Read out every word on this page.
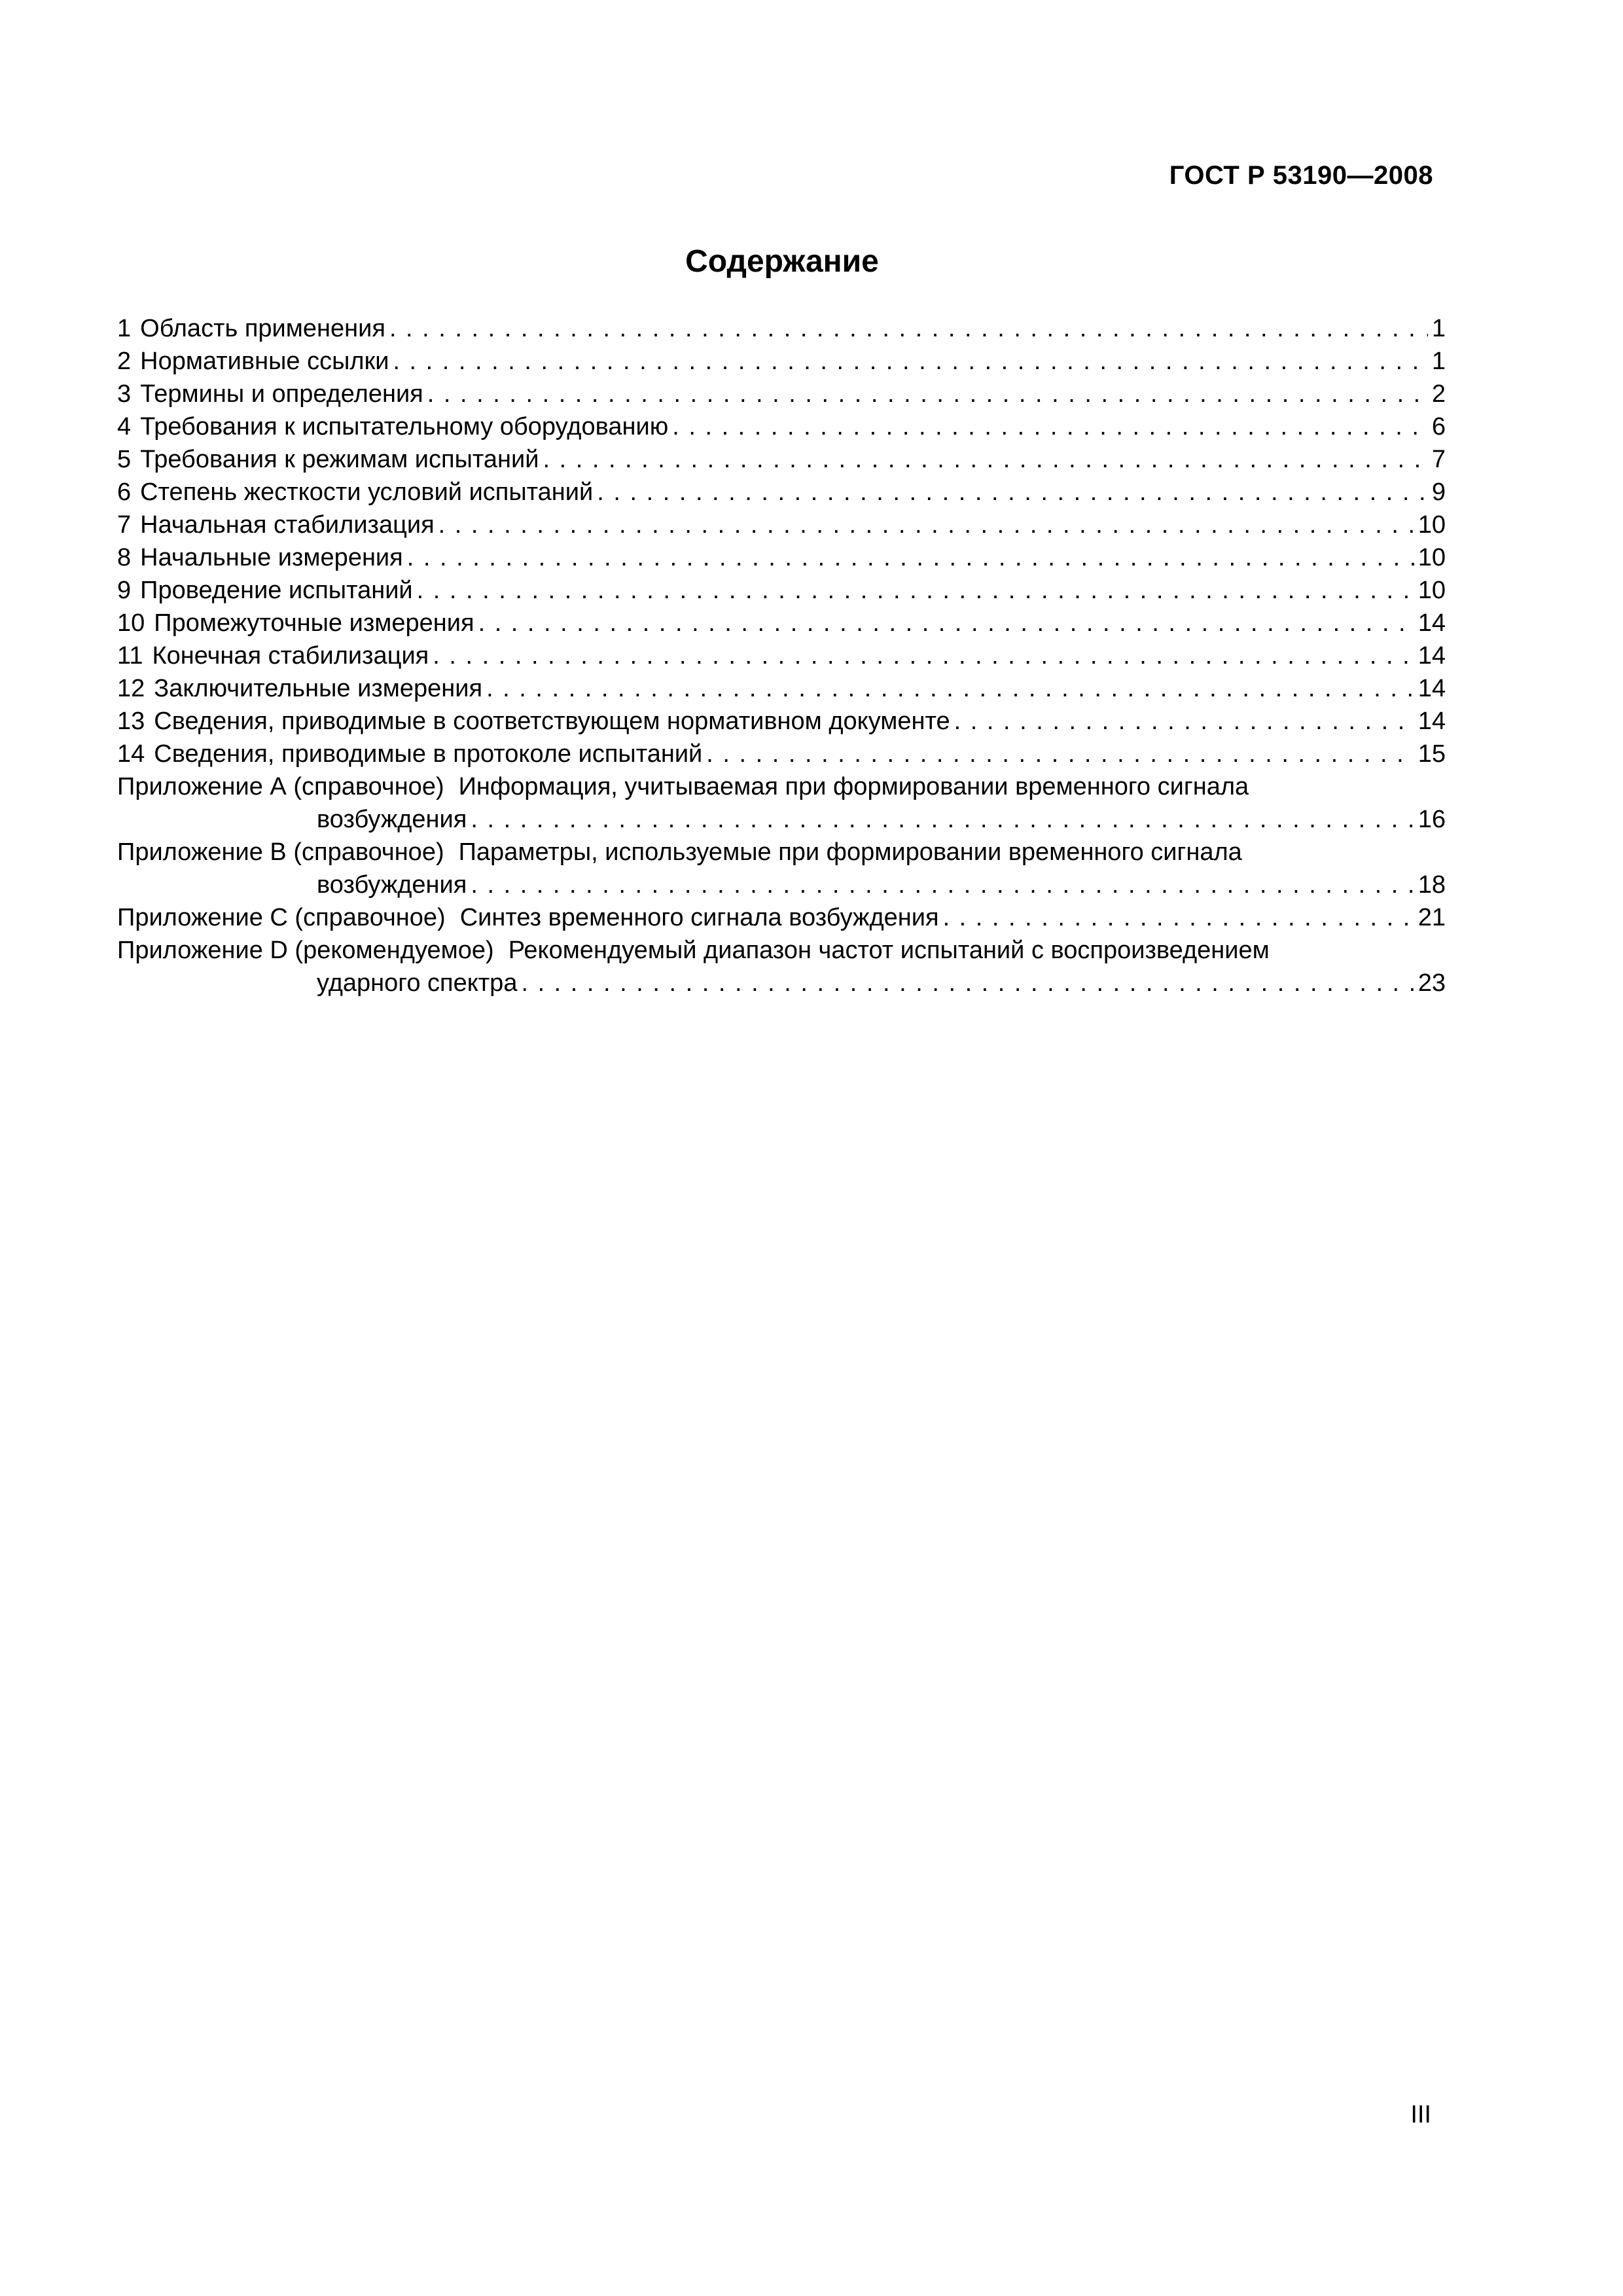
ГОСТ Р 53190—2008
Содержание
1 Область применения . . .	1
2 Нормативные ссылки . . .	1
3 Термины и определения . . .	2
4 Требования к испытательному оборудованию . . .	6
5 Требования к режимам испытаний . . .	7
6 Степень жесткости условий испытаний . . .	9
7 Начальная стабилизация . . .	10
8 Начальные измерения . . .	10
9 Проведение испытаний . . .	10
10 Промежуточные измерения . . .	14
11 Конечная стабилизация . . .	14
12 Заключительные измерения . . .	14
13 Сведения, приводимые в соответствующем нормативном документе . . .	14
14 Сведения, приводимые в протоколе испытаний . . .	15
Приложение А (справочное) Информация, учитываемая при формировании временного сигнала
возбуждения . . .	16
Приложение В (справочное) Параметры, используемые при формировании временного сигнала
возбуждения . . .	18
Приложение С (справочное) Синтез временного сигнала возбуждения . . .	21
Приложение D (рекомендуемое) Рекомендуемый диапазон частот испытаний с воспроизведением
ударного спектра . . .	23
III
